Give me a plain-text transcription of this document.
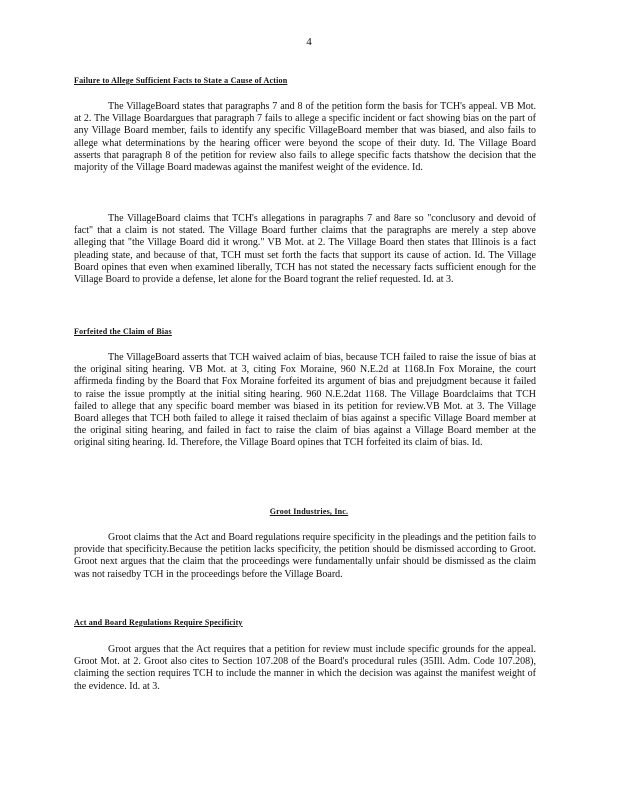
4
Failure to Allege Sufficient Facts to State a Cause of Action

The VillageBoard states that paragraphs 7 and 8 of the petition form the basis for TCH's appeal. VB Mot. at 2. The Village Boardargues that paragraph 7 fails to allege a specific incident or fact showing bias on the part of any Village Board member, fails to identify any specific VillageBoard member that was biased, and also fails to allege what determinations by the hearing officer were beyond the scope of their duty. Id. The Village Board asserts that paragraph 8 of the petition for review also fails to allege specific facts thatshow the decision that the majority of the Village Board madewas against the manifest weight of the evidence. Id.

The VillageBoard claims that TCH's allegations in paragraphs 7 and 8are so "conclusory and devoid of fact" that a claim is not stated. The Village Board further claims that the paragraphs are merely a step above alleging that "the Village Board did it wrong." VB Mot. at 2. The Village Board then states that Illinois is a fact pleading state, and because of that, TCH must set forth the facts that support its cause of action. Id. The Village Board opines that even when examined liberally, TCH has not stated the necessary facts sufficient enough for the Village Board to provide a defense, let alone for the Board togrant the relief requested. Id. at 3.

Forfeited the Claim of Bias

The VillageBoard asserts that TCH waived aclaim of bias, because TCH failed to raise the issue of bias at the original siting hearing. VB Mot. at 3, citing Fox Moraine, 960 N.E.2d at 1168.In Fox Moraine, the court affirmeda finding by the Board that Fox Moraine forfeited its argument of bias and prejudgment because it failed to raise the issue promptly at the initial siting hearing. 960 N.E.2dat 1168. The Village Boardclaims that TCH failed to allege that any specific board member was biased in its petition for review.VB Mot. at 3. The Village Board alleges that TCH both failed to allege it raised theclaim of bias against a specific Village Board member at the original siting hearing, and failed in fact to raise the claim of bias against a Village Board member at the original siting hearing. Id. Therefore, the Village Board opines that TCH forfeited its claim of bias. Id.

Groot Industries, Inc.

Groot claims that the Act and Board regulations require specificity in the pleadings and the petition fails to provide that specificity.Because the petition lacks specificity, the petition should be dismissed according to Groot. Groot next argues that the claim that the proceedings were fundamentally unfair should be dismissed as the claim was not raisedby TCH in the proceedings before the Village Board.

Act and Board Regulations Require Specificity

Groot argues that the Act requires that a petition for review must include specific grounds for the appeal. Groot Mot. at 2. Groot also cites to Section 107.208 of the Board's procedural rules (35Ill. Adm. Code 107.208), claiming the section requires TCH to include the manner in which the decision was against the manifest weight of the evidence. Id. at 3.
